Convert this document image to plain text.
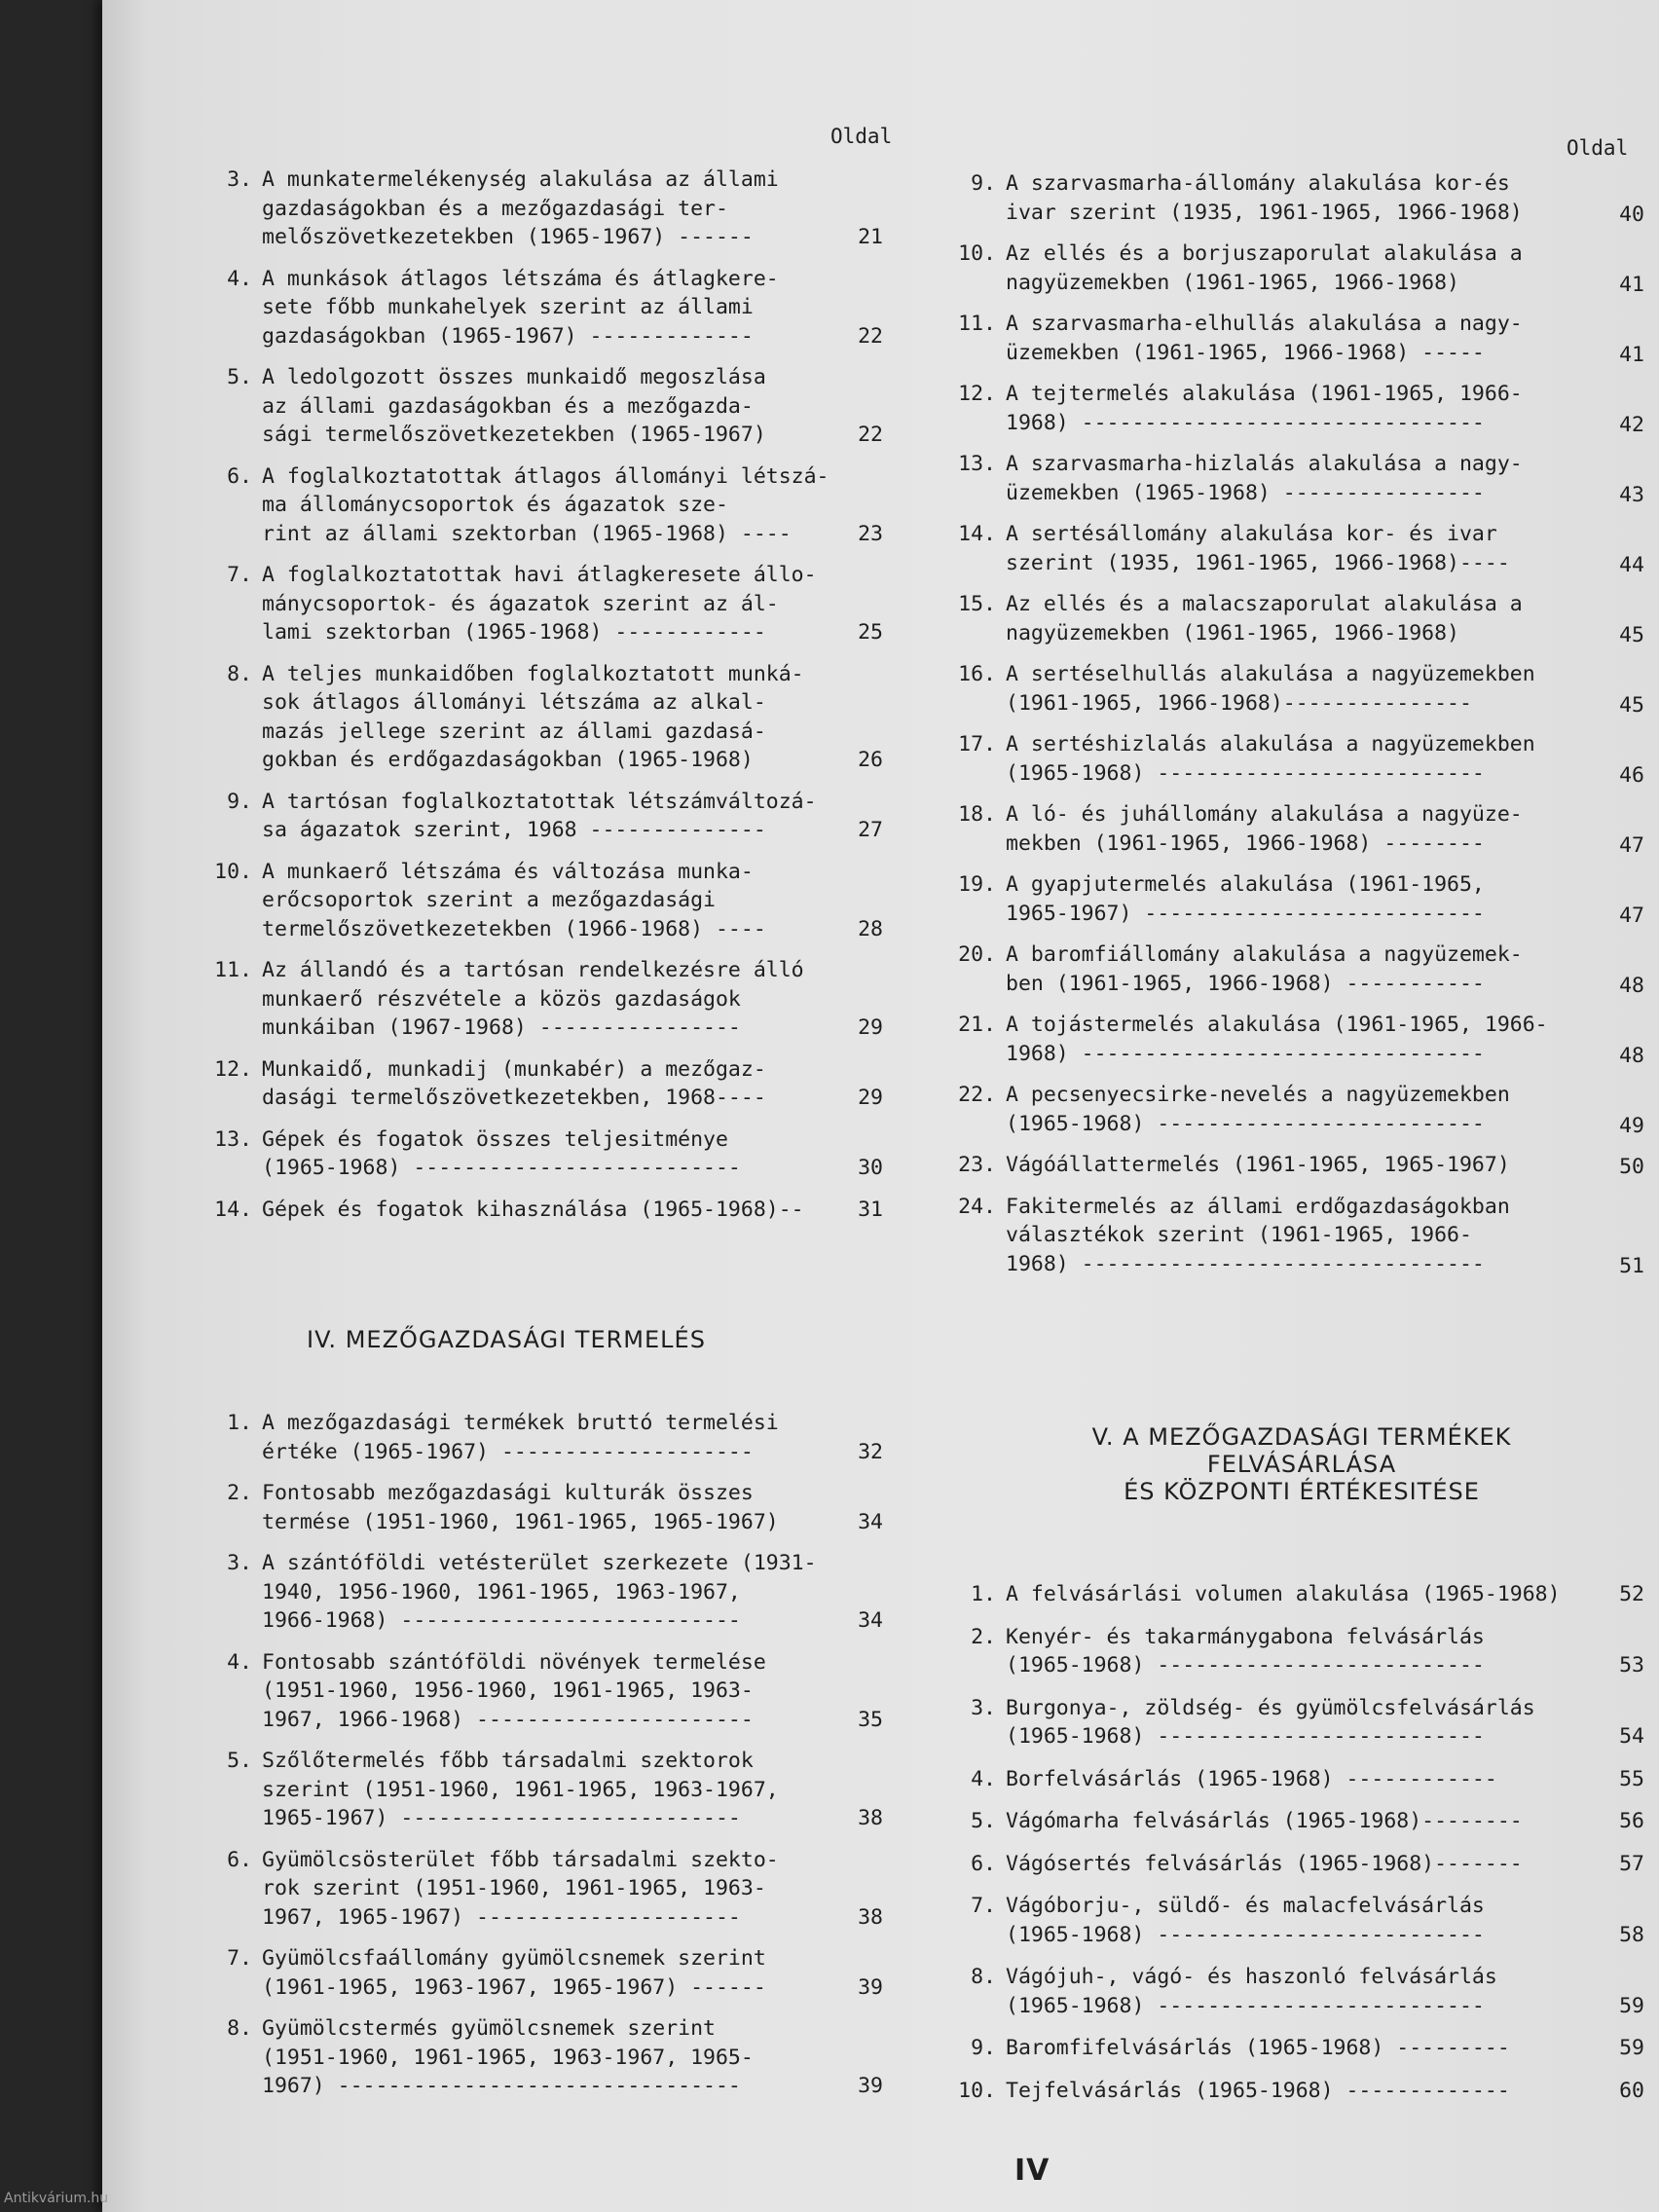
Oldal	Oldal
3. A munkatermelékenység alakulása az állami
gazdaságokban és a mezőgazdasági ter-
melőszövetkezetekben (1965-1967) ------	21
4. A munkások átlagos létszáma és átlagkere-
sete főbb munkahelyek szerint az állami
gazdaságokban (1965-1967) -------------	22
5. A ledolgozott összes munkaidő megoszlása
az állami gazdaságokban és a mezőgazda-
sági termelőszövetkezetekben (1965-1967)	22
6. A foglalkoztatottak átlagos állományi létszá-
ma állománycsoportok és ágazatok sze-
rint az állami szektorban (1965-1968) ----	23
7. A foglalkoztatottak havi átlagkeresete állo-
mánycsoportok- és ágazatok szerint az ál-
lami szektorban (1965-1968) ------------	25
8. A teljes munkaidőben foglalkoztatott munká-
sok átlagos állományi létszáma az alkal-
mazás jellege szerint az állami gazdasá-
gokban és erdőgazdaságokban (1965-1968)	26
9. A tartósan foglalkoztatottak létszámváltozá-
sa ágazatok szerint, 1968 --------------	27
10. A munkaerő létszáma és változása munka-
erőcsoportok szerint a mezőgazdasági
termelőszövetkezetekben (1966-1968) ----	28
11. Az állandó és a tartósan rendelkezésre álló
munkaerő részvétele a közös gazdaságok
munkáiban (1967-1968) ----------------	29
12. Munkaidő, munkadij (munkabér) a mezőgaz-
dasági termelőszövetkezetekben, 1968----	29
13. Gépek és fogatok összes teljesitménye
(1965-1968) --------------------------	30
14. Gépek és fogatok kihasználása (1965-1968)--	31
IV. MEZŐGAZDASÁGI TERMELÉS
1. A mezőgazdasági termékek bruttó termelési
értéke (1965-1967) --------------------	32
2. Fontosabb mezőgazdasági kulturák összes
termése (1951-1960, 1961-1965, 1965-1967)	34
3. A szántóföldi vetésterület szerkezete (1931-
1940, 1956-1960, 1961-1965, 1963-1967,
1966-1968) ---------------------------	34
4. Fontosabb szántóföldi növények termelése
(1951-1960, 1956-1960, 1961-1965, 1963-
1967, 1966-1968) ----------------------	35
5. Szőlőtermelés főbb társadalmi szektorok
szerint (1951-1960, 1961-1965, 1963-1967,
1965-1967) ---------------------------	38
6. Gyümölcsösterület főbb társadalmi szekto-
rok szerint (1951-1960, 1961-1965, 1963-
1967, 1965-1967) ---------------------	38
7. Gyümölcsfaállomány gyümölcsnemek szerint
(1961-1965, 1963-1967, 1965-1967) ------	39
8. Gyümölcstermés gyümölcsnemek szerint
(1951-1960, 1961-1965, 1963-1967, 1965-
1967) --------------------------------	39
9. A szarvasmarha-állomány alakulása kor-és
ivar szerint (1935, 1961-1965, 1966-1968)	40
10. Az ellés és a borjuszaporulat alakulása a
nagyüzemekben (1961-1965, 1966-1968)	41
11. A szarvasmarha-elhullás alakulása a nagy-
üzemekben (1961-1965, 1966-1968) -----	41
12. A tejtermelés alakulása (1961-1965, 1966-
1968) --------------------------------	42
13. A szarvasmarha-hizlalás alakulása a nagy-
üzemekben (1965-1968) ----------------	43
14. A sertésállomány alakulása kor- és ivar
szerint (1935, 1961-1965, 1966-1968)----	44
15. Az ellés és a malacszaporulat alakulása a
nagyüzemekben (1961-1965, 1966-1968)	45
16. A sertéselhullás alakulása a nagyüzemekben
(1961-1965, 1966-1968)---------------	45
17. A sertéshizlalás alakulása a nagyüzemekben
(1965-1968) --------------------------	46
18. A ló- és juhállomány alakulása a nagyüze-
mekben (1961-1965, 1966-1968) --------	47
19. A gyapjutermelés alakulása (1961-1965,
1965-1967) ---------------------------	47
20. A baromfiállomány alakulása a nagyüzemek-
ben (1961-1965, 1966-1968) -----------	48
21. A tojástermelés alakulása (1961-1965, 1966-
1968) --------------------------------	48
22. A pecsenyecsirke-nevelés a nagyüzemekben
(1965-1968) --------------------------	49
23. Vágóállattermelés (1961-1965, 1965-1967)	50
24. Fakitermelés az állami erdőgazdaságokban
választékok szerint (1961-1965, 1966-
1968) --------------------------------	51
V. A MEZŐGAZDASÁGI TERMÉKEK
FELVÁSÁRLÁSA
ÉS KÖZPONTI ÉRTÉKESITÉSE
1. A felvásárlási volumen alakulása (1965-1968)	52
2. Kenyér- és takarmánygabona felvásárlás
(1965-1968) --------------------------	53
3. Burgonya-, zöldség- és gyümölcsfelvásárlás
(1965-1968) --------------------------	54
4. Borfelvásárlás (1965-1968) ------------	55
5. Vágómarha felvásárlás (1965-1968)--------	56
6. Vágósertés felvásárlás (1965-1968)-------	57
7. Vágóborju-, süldő- és malacfelvásárlás
(1965-1968) --------------------------	58
8. Vágójuh-, vágó- és haszonló felvásárlás
(1965-1968) --------------------------	59
9. Baromfifelvásárlás (1965-1968) ---------	59
10. Tejfelvásárlás (1965-1968) -------------	60
IV
Antikvárium.hu
